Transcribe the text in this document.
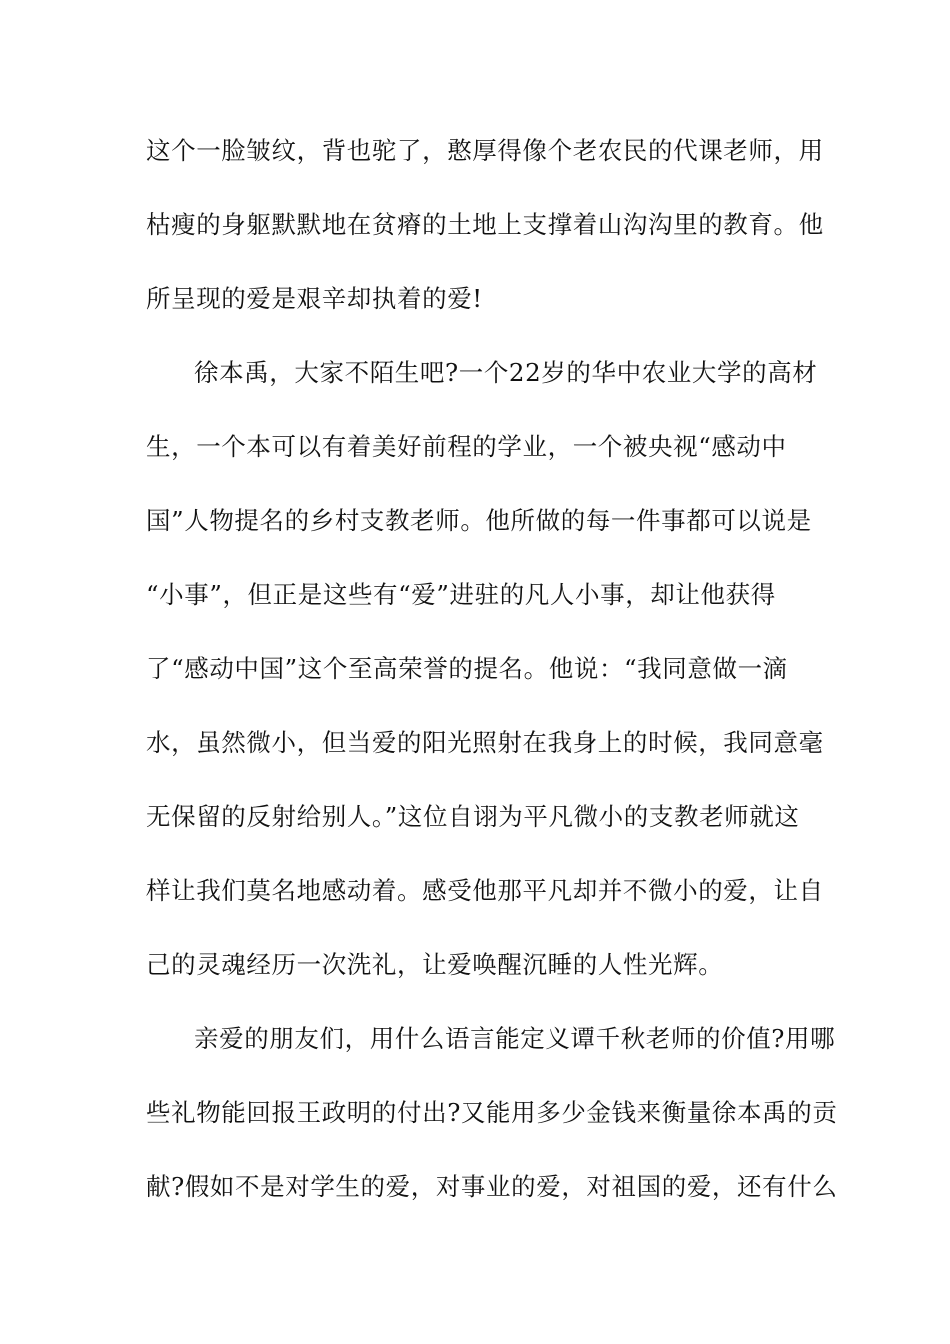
这个一脸皱纹，背也驼了，憨厚得像个老农民的代课老师，用
枯瘦的身躯默默地在贫瘠的土地上支撑着山沟沟里的教育。他
所呈现的爱是艰辛却执着的爱!
徐本禹，大家不陌生吧?一个22岁的华中农业大学的高材
生，一个本可以有着美好前程的学业，一个被央视“感动中
国”人物提名的乡村支教老师。他所做的每一件事都可以说是
“小事”，但正是这些有“爱”进驻的凡人小事，却让他获得
了“感动中国”这个至高荣誉的提名。他说：“我同意做一滴
水，虽然微小，但当爱的阳光照射在我身上的时候，我同意毫
无保留的反射给别人。”这位自诩为平凡微小的支教老师就这
样让我们莫名地感动着。感受他那平凡却并不微小的爱，让自
己的灵魂经历一次洗礼，让爱唤醒沉睡的人性光辉。
亲爱的朋友们，用什么语言能定义谭千秋老师的价值?用哪
些礼物能回报王政明的付出?又能用多少金钱来衡量徐本禹的贡
献?假如不是对学生的爱，对事业的爱，对祖国的爱，还有什么
